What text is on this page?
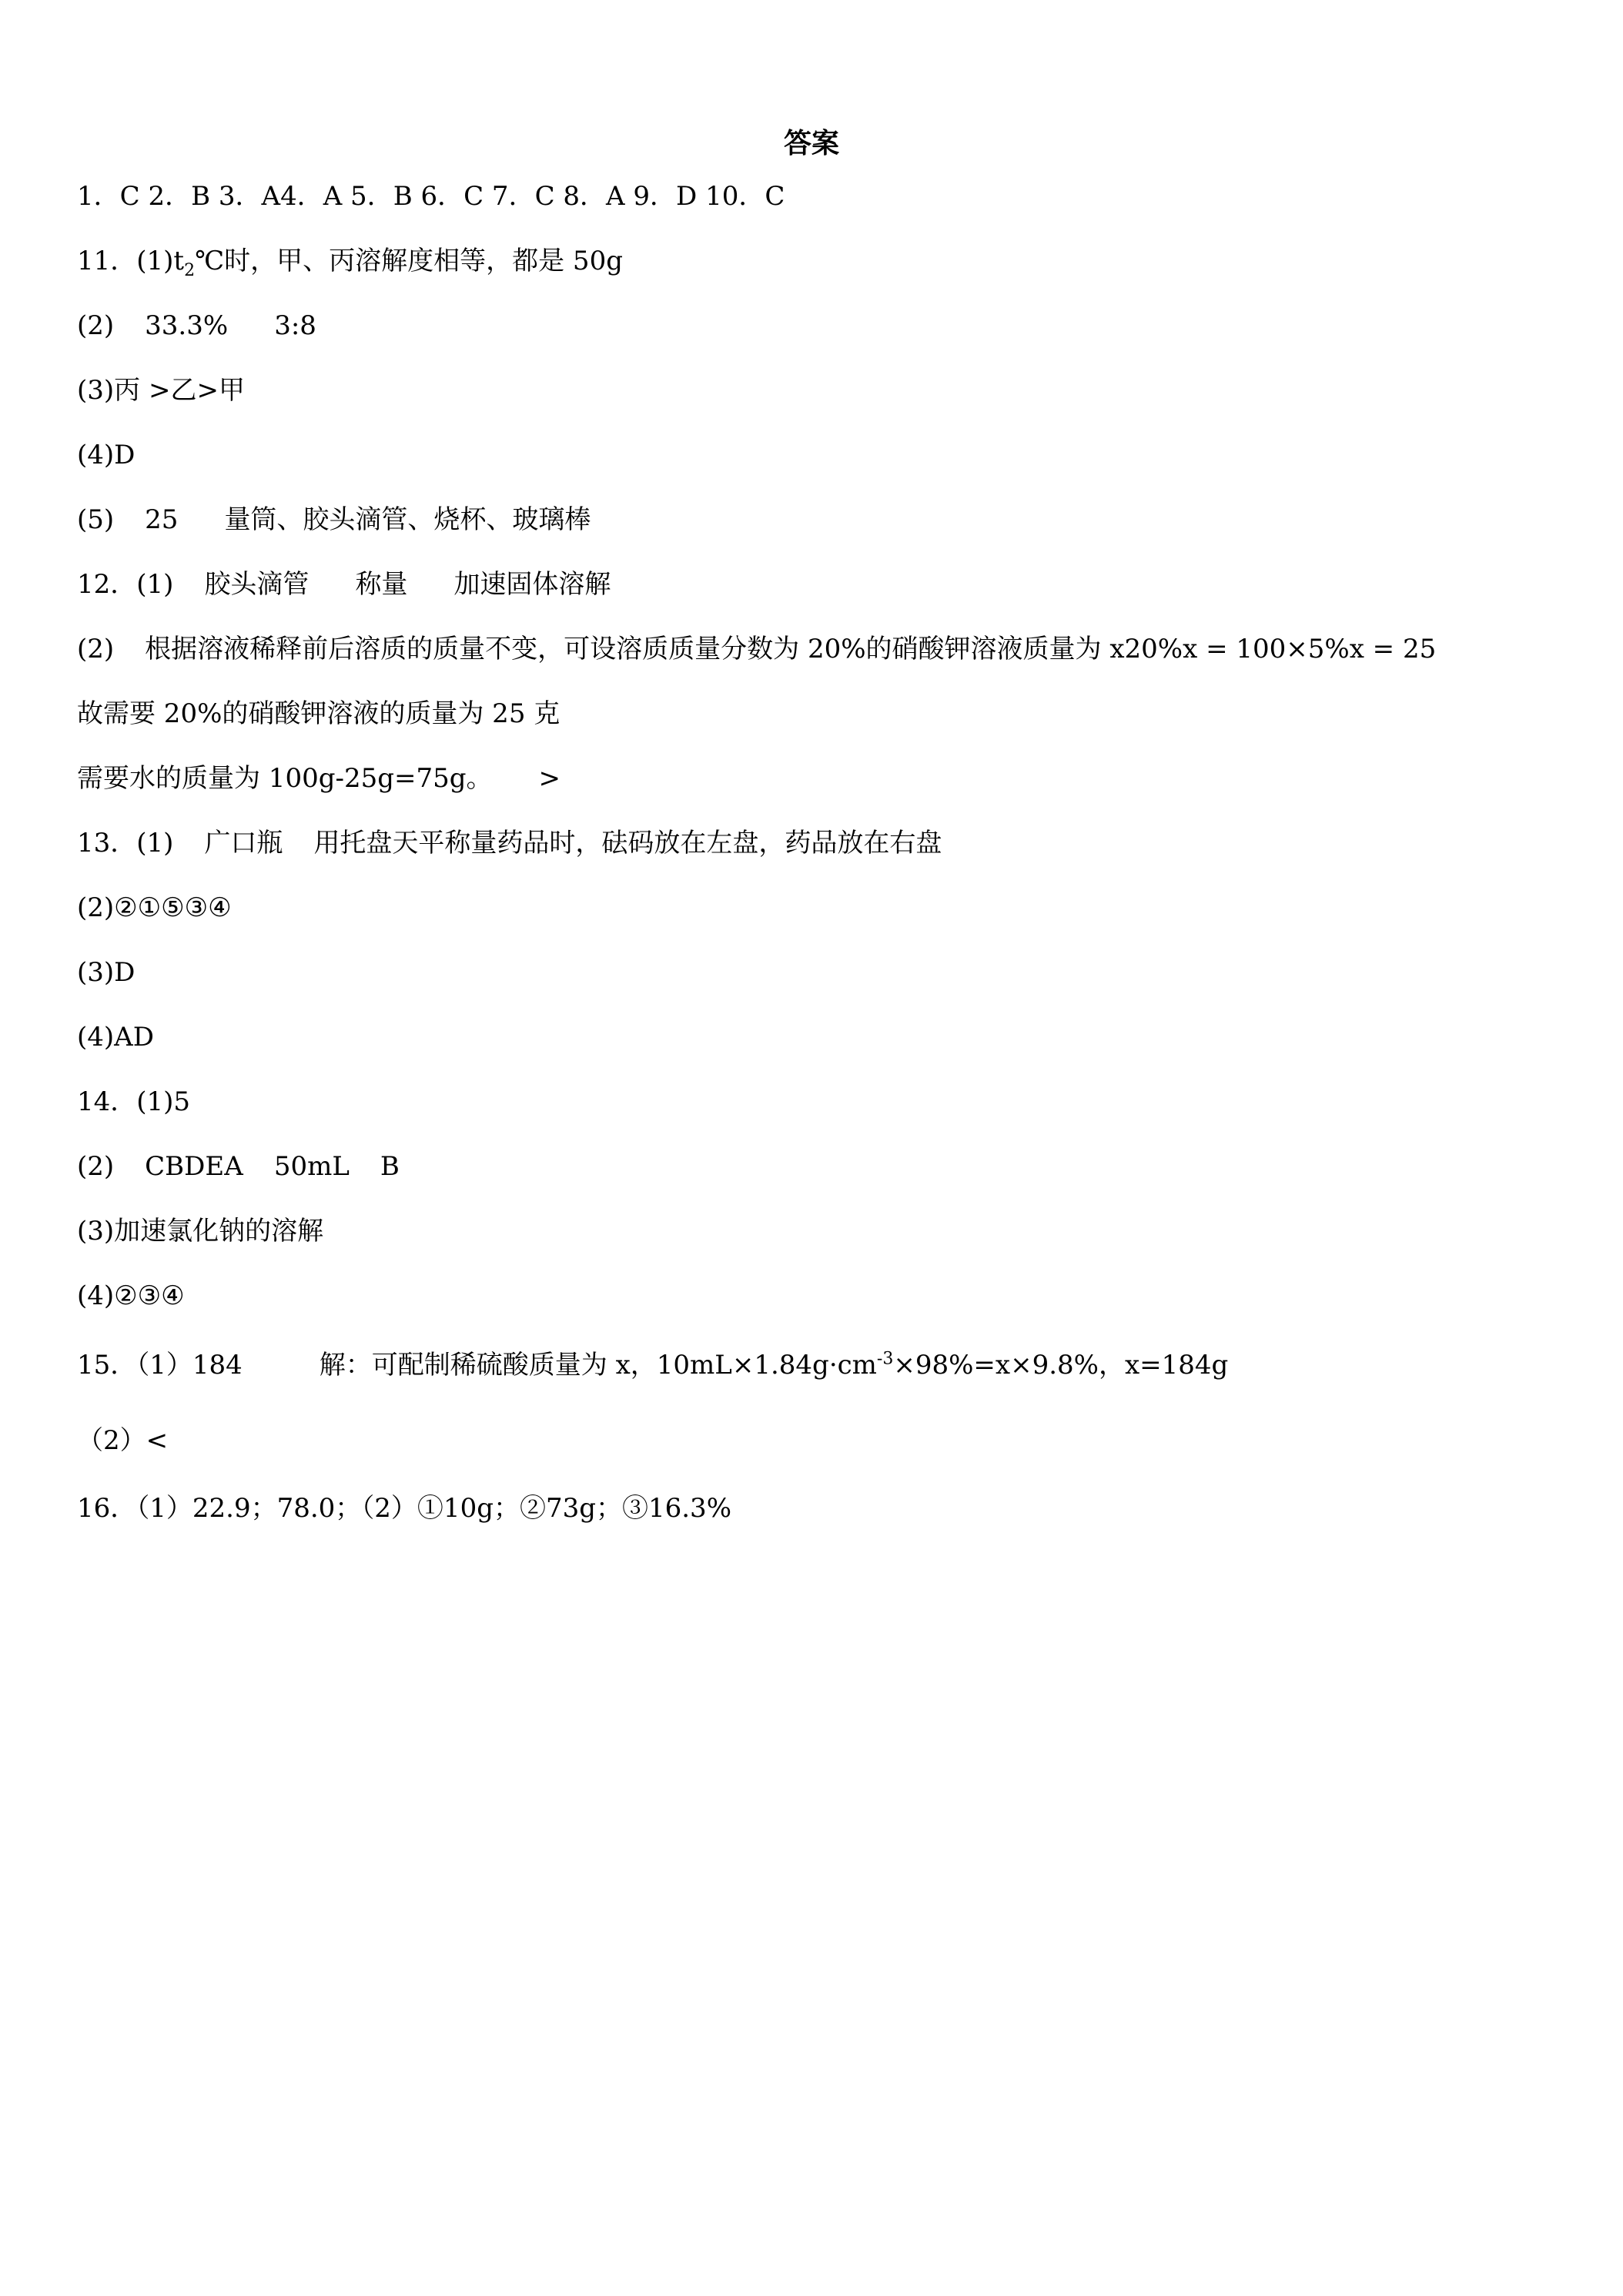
答案
1．C 2．B 3．A4．A 5．B 6．C 7．C 8．A 9．D 10．C
11．$(1)t_2℃$时，甲、丙溶解度相等，都是 50g
(2) 33.3% 3:8
(3)丙 >乙>甲
(4)D
(5) 25 量筒、胶头滴管、烧杯、玻璃棒
12．(1) 胶头滴管 称量 加速固体溶解
(2) 根据溶液稀释前后溶质的质量不变，可设溶质质量分数为 20%的硝酸钾溶液质量为 x20%x = 100×5%x = 25
故需要 20%的硝酸钾溶液的质量为 25 克
需要水的质量为 100g-25g=75g。 >
13．(1) 广口瓶 用托盘天平称量药品时，砝码放在左盘，药品放在右盘
(2)②①⑤③④
(3)D
(4)AD
14．(1)5
(2) CBDEA 50mL B
(3)加速氯化钠的溶解
(4)②③④
15．（1）184	解：可配制稀硫酸质量为 x，$10mL\times 1.84g\cdot cm^{-3}\times 98\%=x\times 9.8\%$，x=184g
（2）<
16．（1）22.9；78.0；（2）①10g；②73g；③16.3%
